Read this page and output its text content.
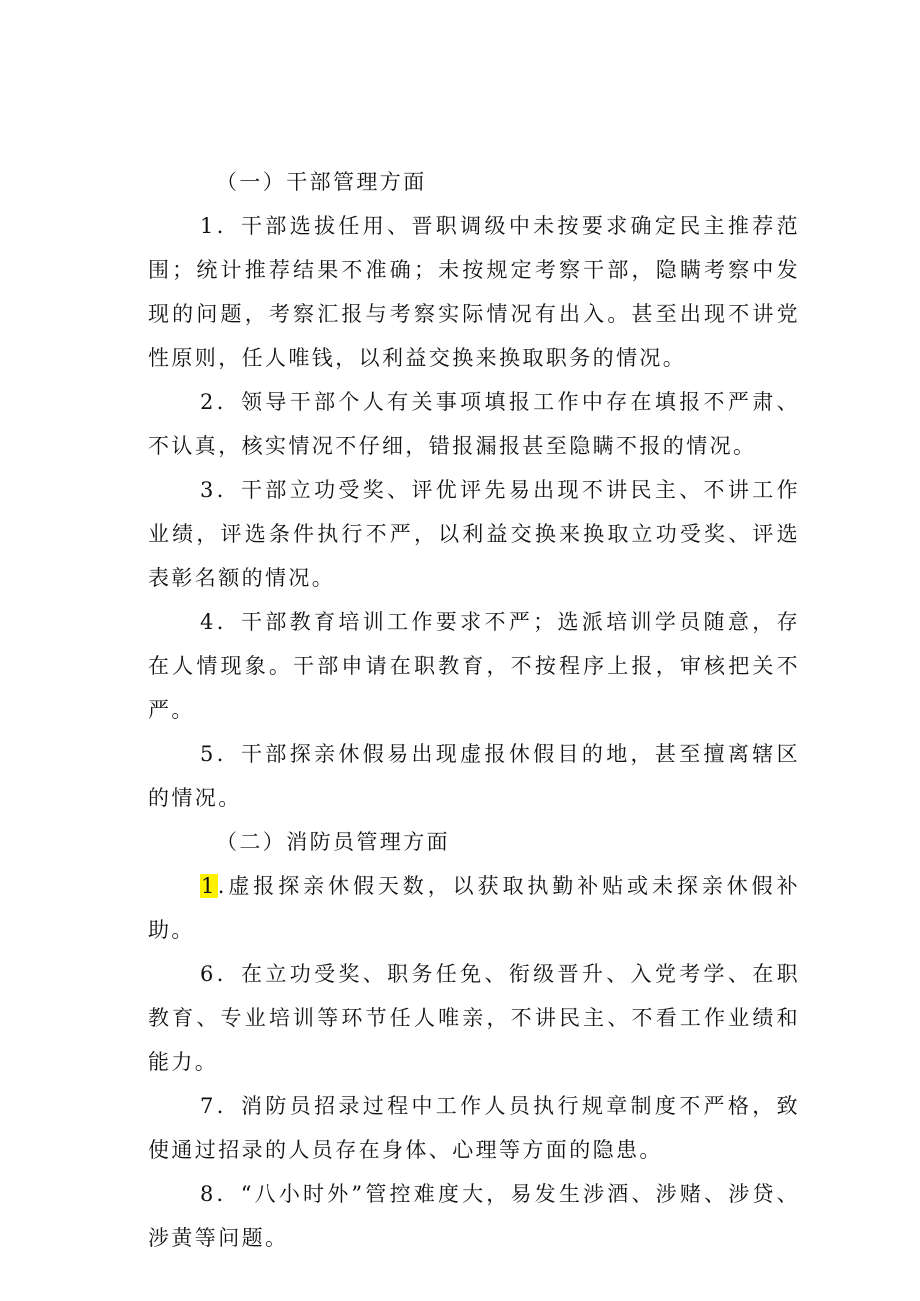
（一）干部管理方面

1．干部选拔任用、晋职调级中未按要求确定民主推荐范围；统计推荐结果不准确；未按规定考察干部，隐瞒考察中发现的问题，考察汇报与考察实际情况有出入。甚至出现不讲党性原则，任人唯钱，以利益交换来换取职务的情况。

2．领导干部个人有关事项填报工作中存在填报不严肃、不认真，核实情况不仔细，错报漏报甚至隐瞒不报的情况。

3．干部立功受奖、评优评先易出现不讲民主、不讲工作业绩，评选条件执行不严，以利益交换来换取立功受奖、评选表彰名额的情况。

4．干部教育培训工作要求不严；选派培训学员随意，存在人情现象。干部申请在职教育，不按程序上报，审核把关不严。

5．干部探亲休假易出现虚报休假目的地，甚至擅离辖区的情况。

（二）消防员管理方面

1.虚报探亲休假天数，以获取执勤补贴或未探亲休假补助。

6．在立功受奖、职务任免、衔级晋升、入党考学、在职教育、专业培训等环节任人唯亲，不讲民主、不看工作业绩和能力。

7．消防员招录过程中工作人员执行规章制度不严格，致使通过招录的人员存在身体、心理等方面的隐患。

8．“八小时外”管控难度大，易发生涉酒、涉赌、涉贷、涉黄等问题。
